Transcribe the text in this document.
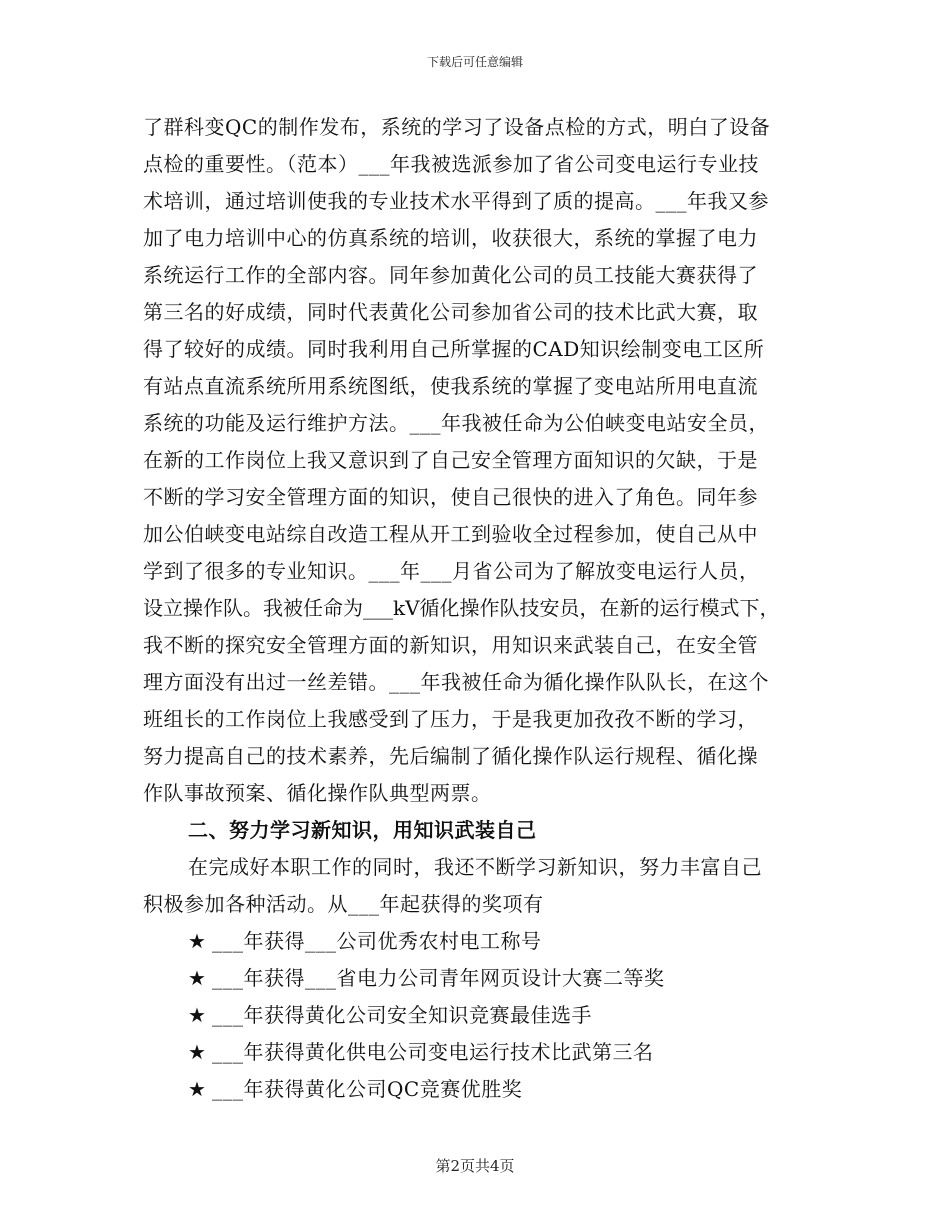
下载后可任意编辑
了群科变QC的制作发布，系统的学习了设备点检的方式，明白了设备
点检的重要性。（范本）___年我被选派参加了省公司变电运行专业技
术培训，通过培训使我的专业技术水平得到了质的提高。___年我又参
加了电力培训中心的仿真系统的培训，收获很大，系统的掌握了电力
系统运行工作的全部内容。同年参加黄化公司的员工技能大赛获得了
第三名的好成绩，同时代表黄化公司参加省公司的技术比武大赛，取
得了较好的成绩。同时我利用自己所掌握的CAD知识绘制变电工区所
有站点直流系统所用系统图纸，使我系统的掌握了变电站所用电直流
系统的功能及运行维护方法。___年我被任命为公伯峡变电站安全员，
在新的工作岗位上我又意识到了自己安全管理方面知识的欠缺，于是
不断的学习安全管理方面的知识，使自己很快的进入了角色。同年参
加公伯峡变电站综自改造工程从开工到验收全过程参加，使自己从中
学到了很多的专业知识。___年___月省公司为了解放变电运行人员，
设立操作队。我被任命为___kV循化操作队技安员，在新的运行模式下，
我不断的探究安全管理方面的新知识，用知识来武装自己，在安全管
理方面没有出过一丝差错。___年我被任命为循化操作队队长，在这个
班组长的工作岗位上我感受到了压力，于是我更加孜孜不断的学习，
努力提高自己的技术素养，先后编制了循化操作队运行规程、循化操
作队事故预案、循化操作队典型两票。
二、努力学习新知识，用知识武装自己
在完成好本职工作的同时，我还不断学习新知识，努力丰富自己
积极参加各种活动。从___年起获得的奖项有
★ ___年获得___公司优秀农村电工称号
★ ___年获得___省电力公司青年网页设计大赛二等奖
★ ___年获得黄化公司安全知识竞赛最佳选手
★ ___年获得黄化供电公司变电运行技术比武第三名
★ ___年获得黄化公司QC竞赛优胜奖
第2页共4页
